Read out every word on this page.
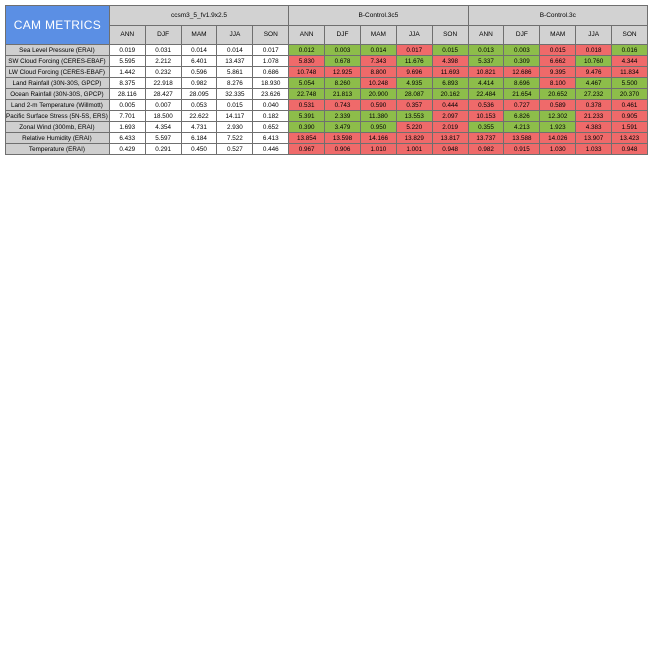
CAM METRICS	ccsm3_5_fv1.9x2.5					B-Control.3c5					B-Control.3c				
	ANN	DJF	MAM	JJA	SON	ANN	DJF	MAM	JJA	SON	ANN	DJF	MAM	JJA	SON
Sea Level Pressure (ERAI)	0.019	0.031	0.014	0.014	0.017	0.012	0.003	0.014	0.017	0.015	0.013	0.003	0.015	0.018	0.016
SW Cloud Forcing (CERES-EBAF)	5.595	2.212	6.401	13.437	1.078	5.830	0.678	7.343	11.676	4.398	5.337	0.309	6.662	10.760	4.344
LW Cloud Forcing (CERES-EBAF)	1.442	0.232	0.596	5.861	0.686	10.748	12.925	8.800	9.696	11.693	10.821	12.686	9.395	9.476	11.834
Land Rainfall (30N-30S, GPCP)	8.375	22.918	0.982	8.276	18.930	5.054	8.260	10.248	4.935	6.893	4.414	8.696	8.100	4.467	5.500
Ocean Rainfall (30N-30S, GPCP)	28.116	28.427	28.095	32.335	23.626	22.748	21.813	20.900	28.087	20.162	22.484	21.654	20.652	27.232	20.370
Land 2-m Temperature (Willmott)	0.005	0.007	0.053	0.015	0.040	0.531	0.743	0.590	0.357	0.444	0.536	0.727	0.589	0.378	0.461
Pacific Surface Stress (5N-5S, ERS)	7.701	18.500	22.622	14.117	0.182	5.391	2.339	11.380	13.553	2.097	10.153	6.826	12.302	21.233	0.905
Zonal Wind (300mb, ERAI)	1.693	4.354	4.731	2.930	0.652	0.390	3.479	0.950	5.220	2.019	0.355	4.213	1.923	4.383	1.591
Relative Humidity (ERAI)	6.433	5.597	6.184	7.522	6.413	13.854	13.598	14.166	13.829	13.817	13.737	13.588	14.026	13.907	13.423
Temperature (ERAI)	0.429	0.291	0.450	0.527	0.446	0.967	0.906	1.010	1.001	0.948	0.982	0.915	1.030	1.033	0.948
